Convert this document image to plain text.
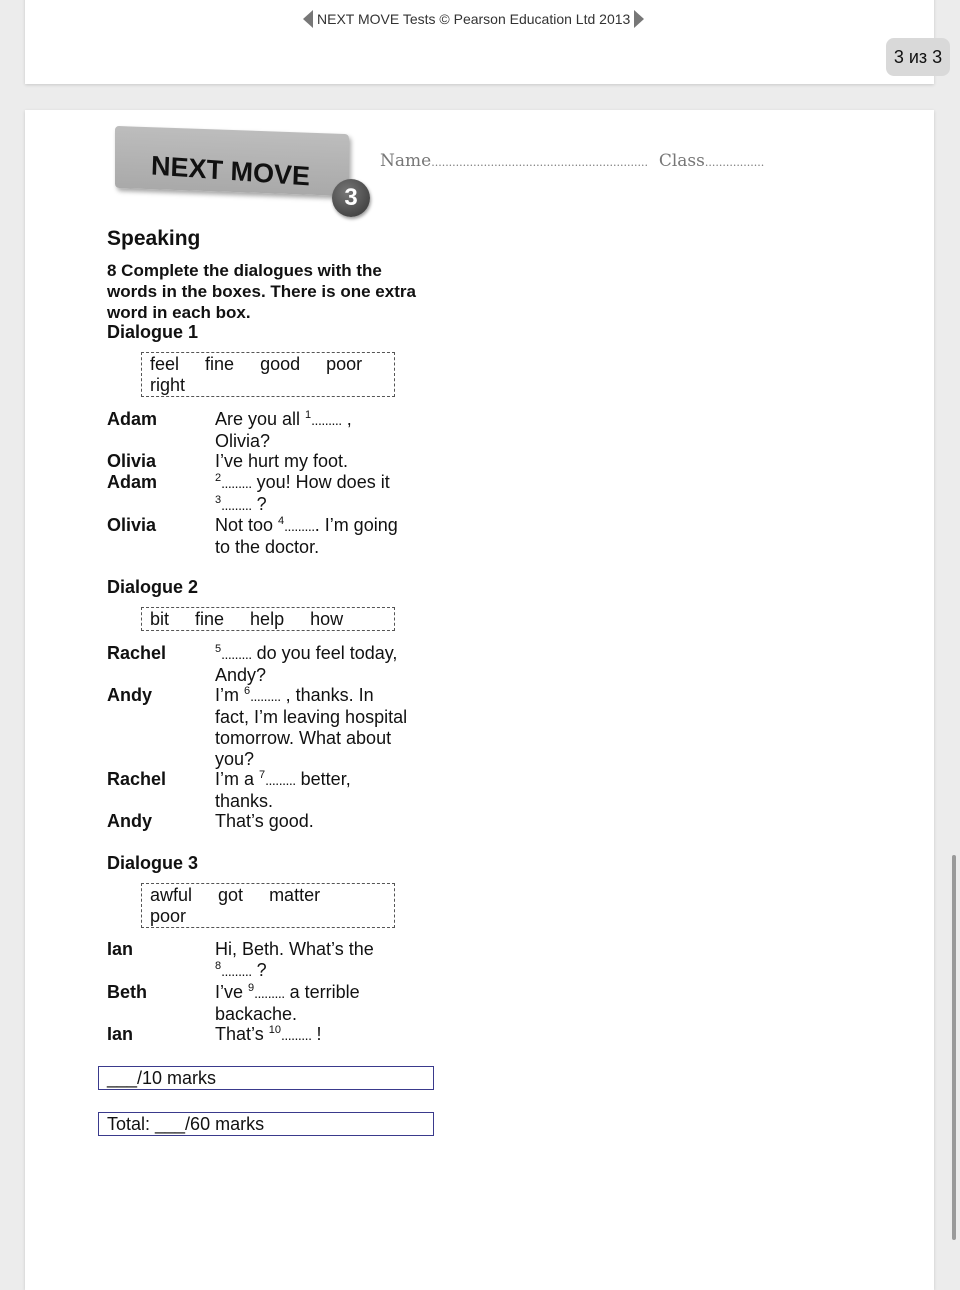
NEXT MOVE Tests © Pearson Education Ltd 2013
3 из 3
NEXT MOVE
3
Name.............................................................. Class.................
Speaking
8 Complete the dialogues with the words in the boxes. There is one extra word in each box.
Dialogue 1
feel fine good poor
right
Adam	Are you all $^1$......... ,
Olivia?
Olivia	I’ve hurt my foot.
Adam	$^2$......... you! How does it
$^3$......... ?
Olivia	Not too $^4$.......... I’m going
to the doctor.
Dialogue 2
bit fine help how
Rachel	$^5$......... do you feel today,
Andy?
Andy	I’m $^6$......... , thanks. In
fact, I’m leaving hospital
tomorrow. What about
you?
Rachel	I’m a $^7$......... better,
thanks.
Andy	That’s good.
Dialogue 3
awful got matter
poor
Ian	Hi, Beth. What’s the
$^8$......... ?
Beth	I’ve $^9$......... a terrible
backache.
Ian	That’s $^{10}$......... !
___/10 marks
Total: ___/60 marks
